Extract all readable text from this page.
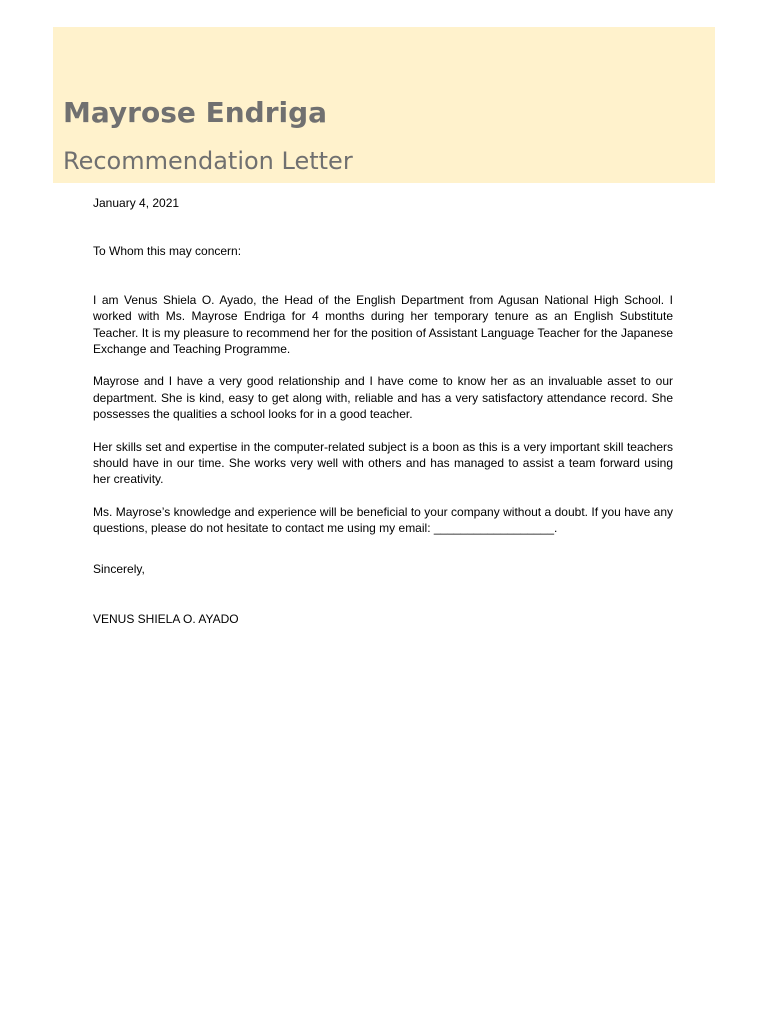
Mayrose Endriga
Recommendation Letter

January 4, 2021

To Whom this may concern:

I am Venus Shiela O. Ayado, the Head of the English Department from Agusan National High School. I worked with Ms. Mayrose Endriga for 4 months during her temporary tenure as an English Substitute Teacher. It is my pleasure to recommend her for the position of Assistant Language Teacher for the Japanese Exchange and Teaching Programme.

Mayrose and I have a very good relationship and I have come to know her as an invaluable asset to our department. She is kind, easy to get along with, reliable and has a very satisfactory attendance record. She possesses the qualities a school looks for in a good teacher.

Her skills set and expertise in the computer-related subject is a boon as this is a very important skill teachers should have in our time. She works very well with others and has managed to assist a team forward using her creativity.

Ms. Mayrose’s knowledge and experience will be beneficial to your company without a doubt. If you have any questions, please do not hesitate to contact me using my email: __________________.

Sincerely,

VENUS SHIELA O. AYADO
